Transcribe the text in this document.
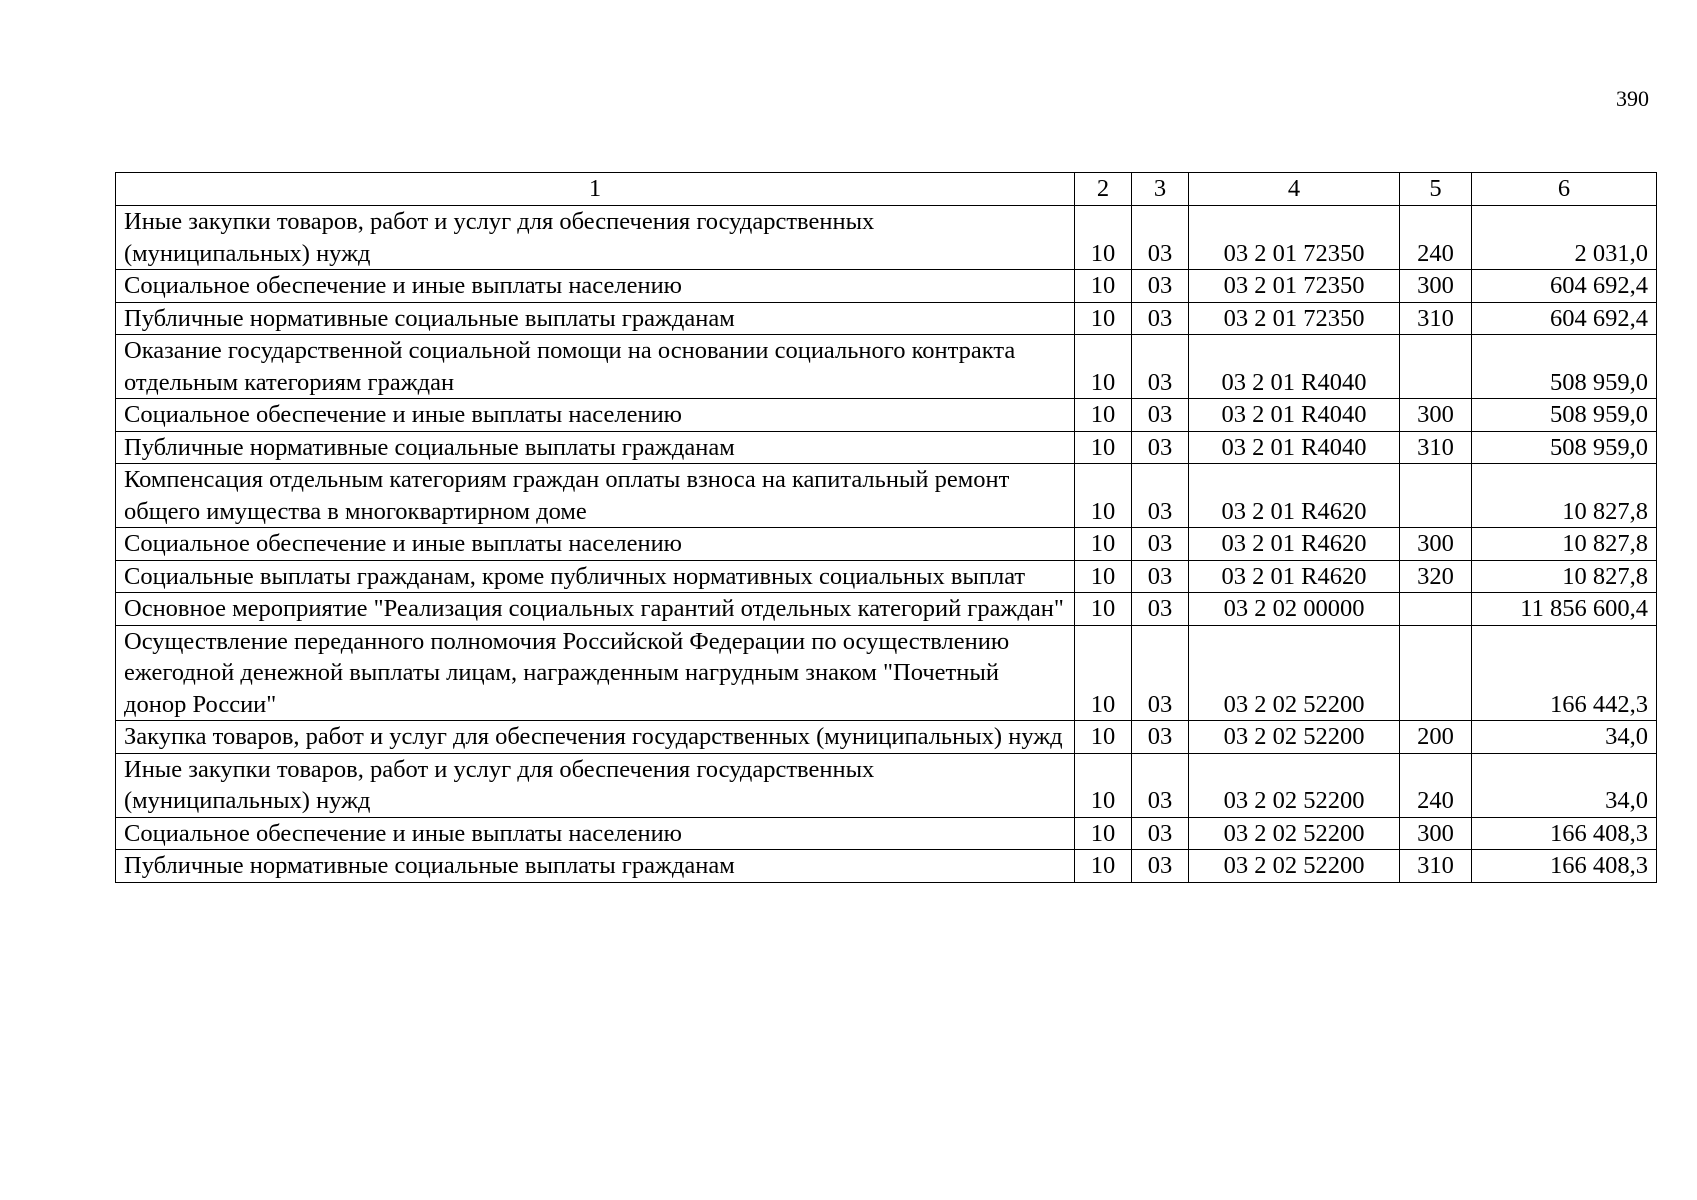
390
1	2	3	4	5	6
Иные закупки товаров, работ и услуг для обеспечения государственных (муниципальных) нужд	10	03	03 2 01 72350	240	2 031,0
Социальное обеспечение и иные выплаты населению	10	03	03 2 01 72350	300	604 692,4
Публичные нормативные социальные выплаты гражданам	10	03	03 2 01 72350	310	604 692,4
Оказание государственной социальной помощи на основании социального контракта отдельным категориям граждан	10	03	03 2 01 R4040		508 959,0
Социальное обеспечение и иные выплаты населению	10	03	03 2 01 R4040	300	508 959,0
Публичные нормативные социальные выплаты гражданам	10	03	03 2 01 R4040	310	508 959,0
Компенсация отдельным категориям граждан оплаты взноса на капитальный ремонт общего имущества в многоквартирном доме	10	03	03 2 01 R4620		10 827,8
Социальное обеспечение и иные выплаты населению	10	03	03 2 01 R4620	300	10 827,8
Социальные выплаты гражданам, кроме публичных нормативных социальных выплат	10	03	03 2 01 R4620	320	10 827,8
Основное мероприятие "Реализация социальных гарантий отдельных категорий граждан"	10	03	03 2 02 00000		11 856 600,4
Осуществление переданного полномочия Российской Федерации по осуществлению ежегодной денежной выплаты лицам, награжденным нагрудным знаком "Почетный донор России"	10	03	03 2 02 52200		166 442,3
Закупка товаров, работ и услуг для обеспечения государственных (муниципальных) нужд	10	03	03 2 02 52200	200	34,0
Иные закупки товаров, работ и услуг для обеспечения государственных (муниципальных) нужд	10	03	03 2 02 52200	240	34,0
Социальное обеспечение и иные выплаты населению	10	03	03 2 02 52200	300	166 408,3
Публичные нормативные социальные выплаты гражданам	10	03	03 2 02 52200	310	166 408,3
